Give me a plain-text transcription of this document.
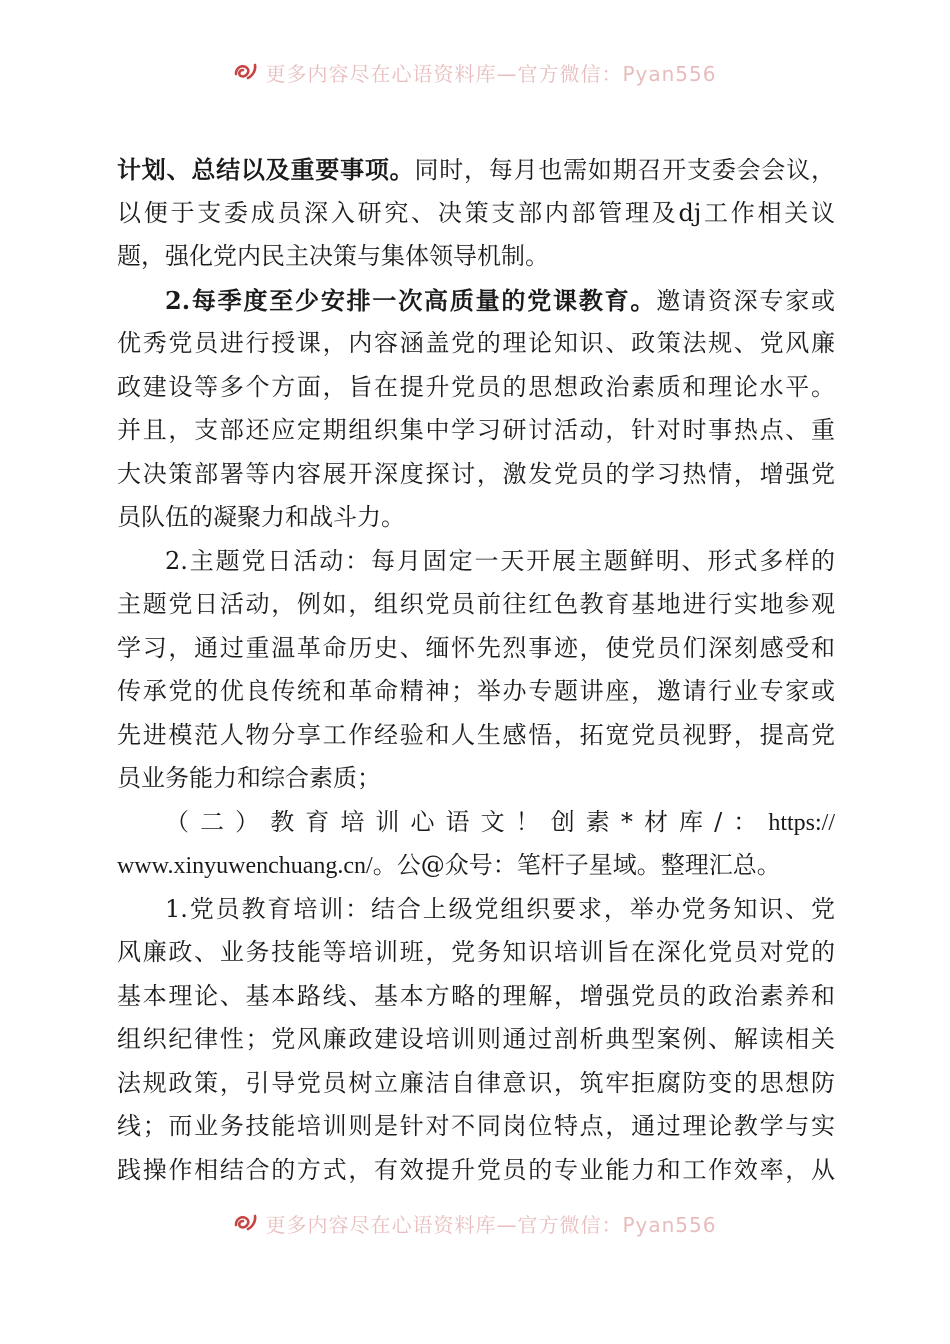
更多内容尽在心语资料库—官方微信：Pyan556
计划、总结以及重要事项。同时，每月也需如期召开支委会会议，
以便于支委成员深入研究、决策支部内部管理及dj工作相关议
题，强化党内民主决策与集体领导机制。
2.每季度至少安排一次高质量的党课教育。邀请资深专家或
优秀党员进行授课，内容涵盖党的理论知识、政策法规、党风廉
政建设等多个方面，旨在提升党员的思想政治素质和理论水平。
并且，支部还应定期组织集中学习研讨活动，针对时事热点、重
大决策部署等内容展开深度探讨，激发党员的学习热情，增强党
员队伍的凝聚力和战斗力。
2.主题党日活动：每月固定一天开展主题鲜明、形式多样的
主题党日活动，例如，组织党员前往红色教育基地进行实地参观
学习，通过重温革命历史、缅怀先烈事迹，使党员们深刻感受和
传承党的优良传统和革命精神；举办专题讲座，邀请行业专家或
先进模范人物分享工作经验和人生感悟，拓宽党员视野，提高党
员业务能力和综合素质；
（二）教育培训心语文！创素*材库/：https://
www.xinyuwenchuang.cn/。公@众号：笔杆子星域。整理汇总。
1.党员教育培训：结合上级党组织要求，举办党务知识、党
风廉政、业务技能等培训班，党务知识培训旨在深化党员对党的
基本理论、基本路线、基本方略的理解，增强党员的政治素养和
组织纪律性；党风廉政建设培训则通过剖析典型案例、解读相关
法规政策，引导党员树立廉洁自律意识，筑牢拒腐防变的思想防
线；而业务技能培训则是针对不同岗位特点，通过理论教学与实
践操作相结合的方式，有效提升党员的专业能力和工作效率，从
更多内容尽在心语资料库—官方微信：Pyan556
